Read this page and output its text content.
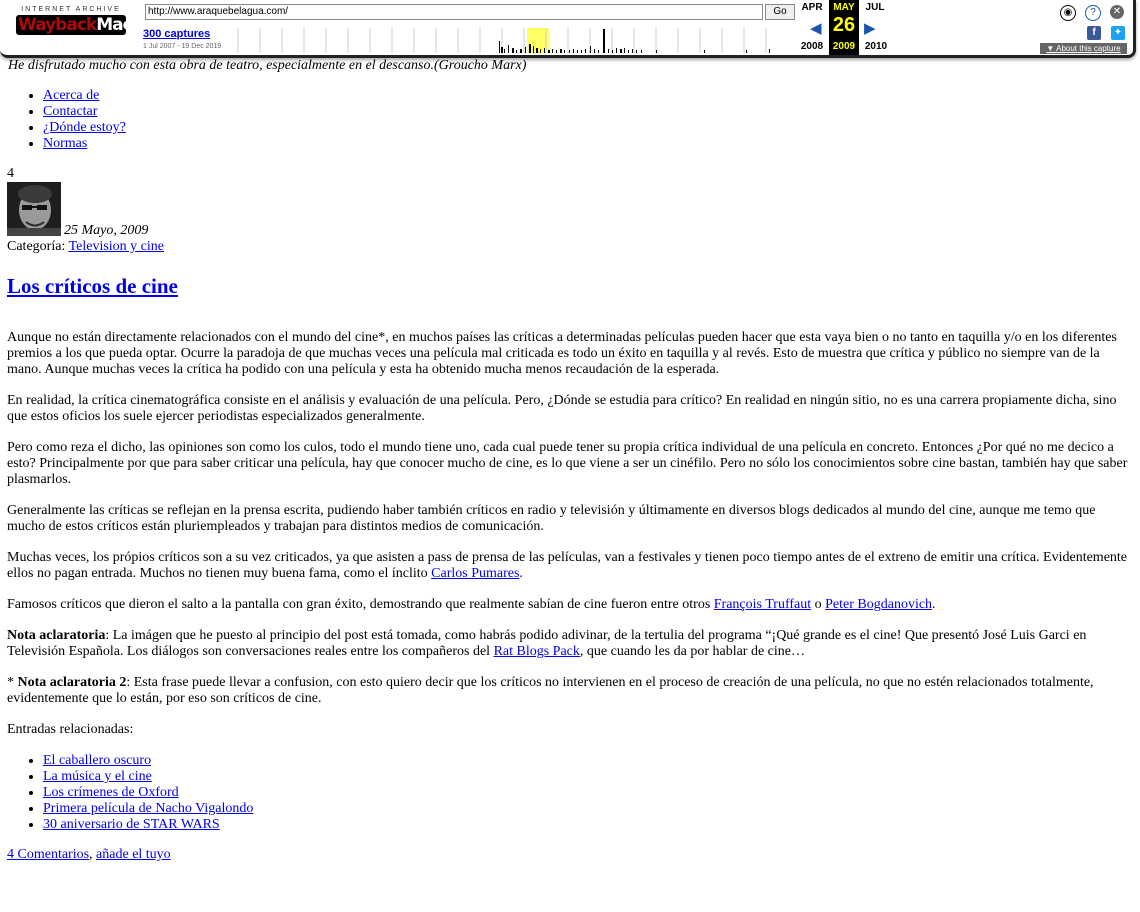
INTERNET ARCHIVE
WaybackMachine
http://www.araquebelagua.com/	Go
300 captures
1 Jul 2007 - 19 Dec 2019
APR
2008
◀
MAY
26
2009
▶
JUL
2010
◉	?	✕
f	✦
▼ About this capture
He disfrutado mucho con esta obra de teatro, especialmente en el descanso.(Groucho Marx)
• Acerca de
• Contactar
• ¿Dónde estoy?
• Normas
4
25 Mayo, 2009
Categoría: Television y cine
Los críticos de cine

Aunque no están directamente relacionados con el mundo del cine*, en muchos países las críticas a determinadas películas pueden hacer que esta vaya bien o no tanto en taquilla y/o en los diferentes premios a los que pueda optar. Ocurre la paradoja de que muchas veces una película mal criticada es todo un éxito en taquilla y al revés. Esto de muestra que crítica y público no siempre van de la mano. Aunque muchas veces la crítica ha podido con una película y esta ha obtenido mucha menos recaudación de la esperada.

En realidad, la crítica cinematográfica consiste en el análisis y evaluación de una película. Pero, ¿Dónde se estudia para crítico? En realidad en ningún sitio, no es una carrera propiamente dicha, sino que estos oficios los suele ejercer periodistas especializados generalmente.

Pero como reza el dicho, las opiniones son como los culos, todo el mundo tiene uno, cada cual puede tener su propia crítica individual de una película en concreto. Entonces ¿Por qué no me decico a esto? Principalmente por que para saber criticar una película, hay que conocer mucho de cine, es lo que viene a ser un cinéfilo. Pero no sólo los conocimientos sobre cine bastan, también hay que saber plasmarlos.

Generalmente las críticas se reflejan en la prensa escrita, pudiendo haber también críticos en radio y televisión y últimamente en diversos blogs dedicados al mundo del cine, aunque me temo que mucho de estos críticos están pluriempleados y trabajan para distintos medios de comunicación.

Muchas veces, los própios críticos son a su vez criticados, ya que asisten a pass de prensa de las películas, van a festivales y tienen poco tiempo antes de el extreno de emitir una crítica. Evidentemente ellos no pagan entrada. Muchos no tienen muy buena fama, como el ínclito Carlos Pumares.

Famosos críticos que dieron el salto a la pantalla con gran éxito, demostrando que realmente sabían de cine fueron entre otros François Truffaut o Peter Bogdanovich.

Nota aclaratoria: La imágen que he puesto al principio del post está tomada, como habrás podido adivinar, de la tertulia del programa “¡Qué grande es el cine! Que presentó José Luis Garci en Televisión Española. Los diálogos son conversaciones reales entre los compañeros del Rat Blogs Pack, que cuando les da por hablar de cine…

* Nota aclaratoria 2: Esta frase puede llevar a confusion, con esto quiero decir que los críticos no intervienen en el proceso de creación de una película, no que no estén relacionados totalmente, evidentemente que lo están, por eso son críticos de cine.

Entradas relacionadas:

• El caballero oscuro
• La música y el cine
• Los crímenes de Oxford
• Primera película de Nacho Vigalondo
• 30 aniversario de STAR WARS

4 Comentarios, añade el tuyo
